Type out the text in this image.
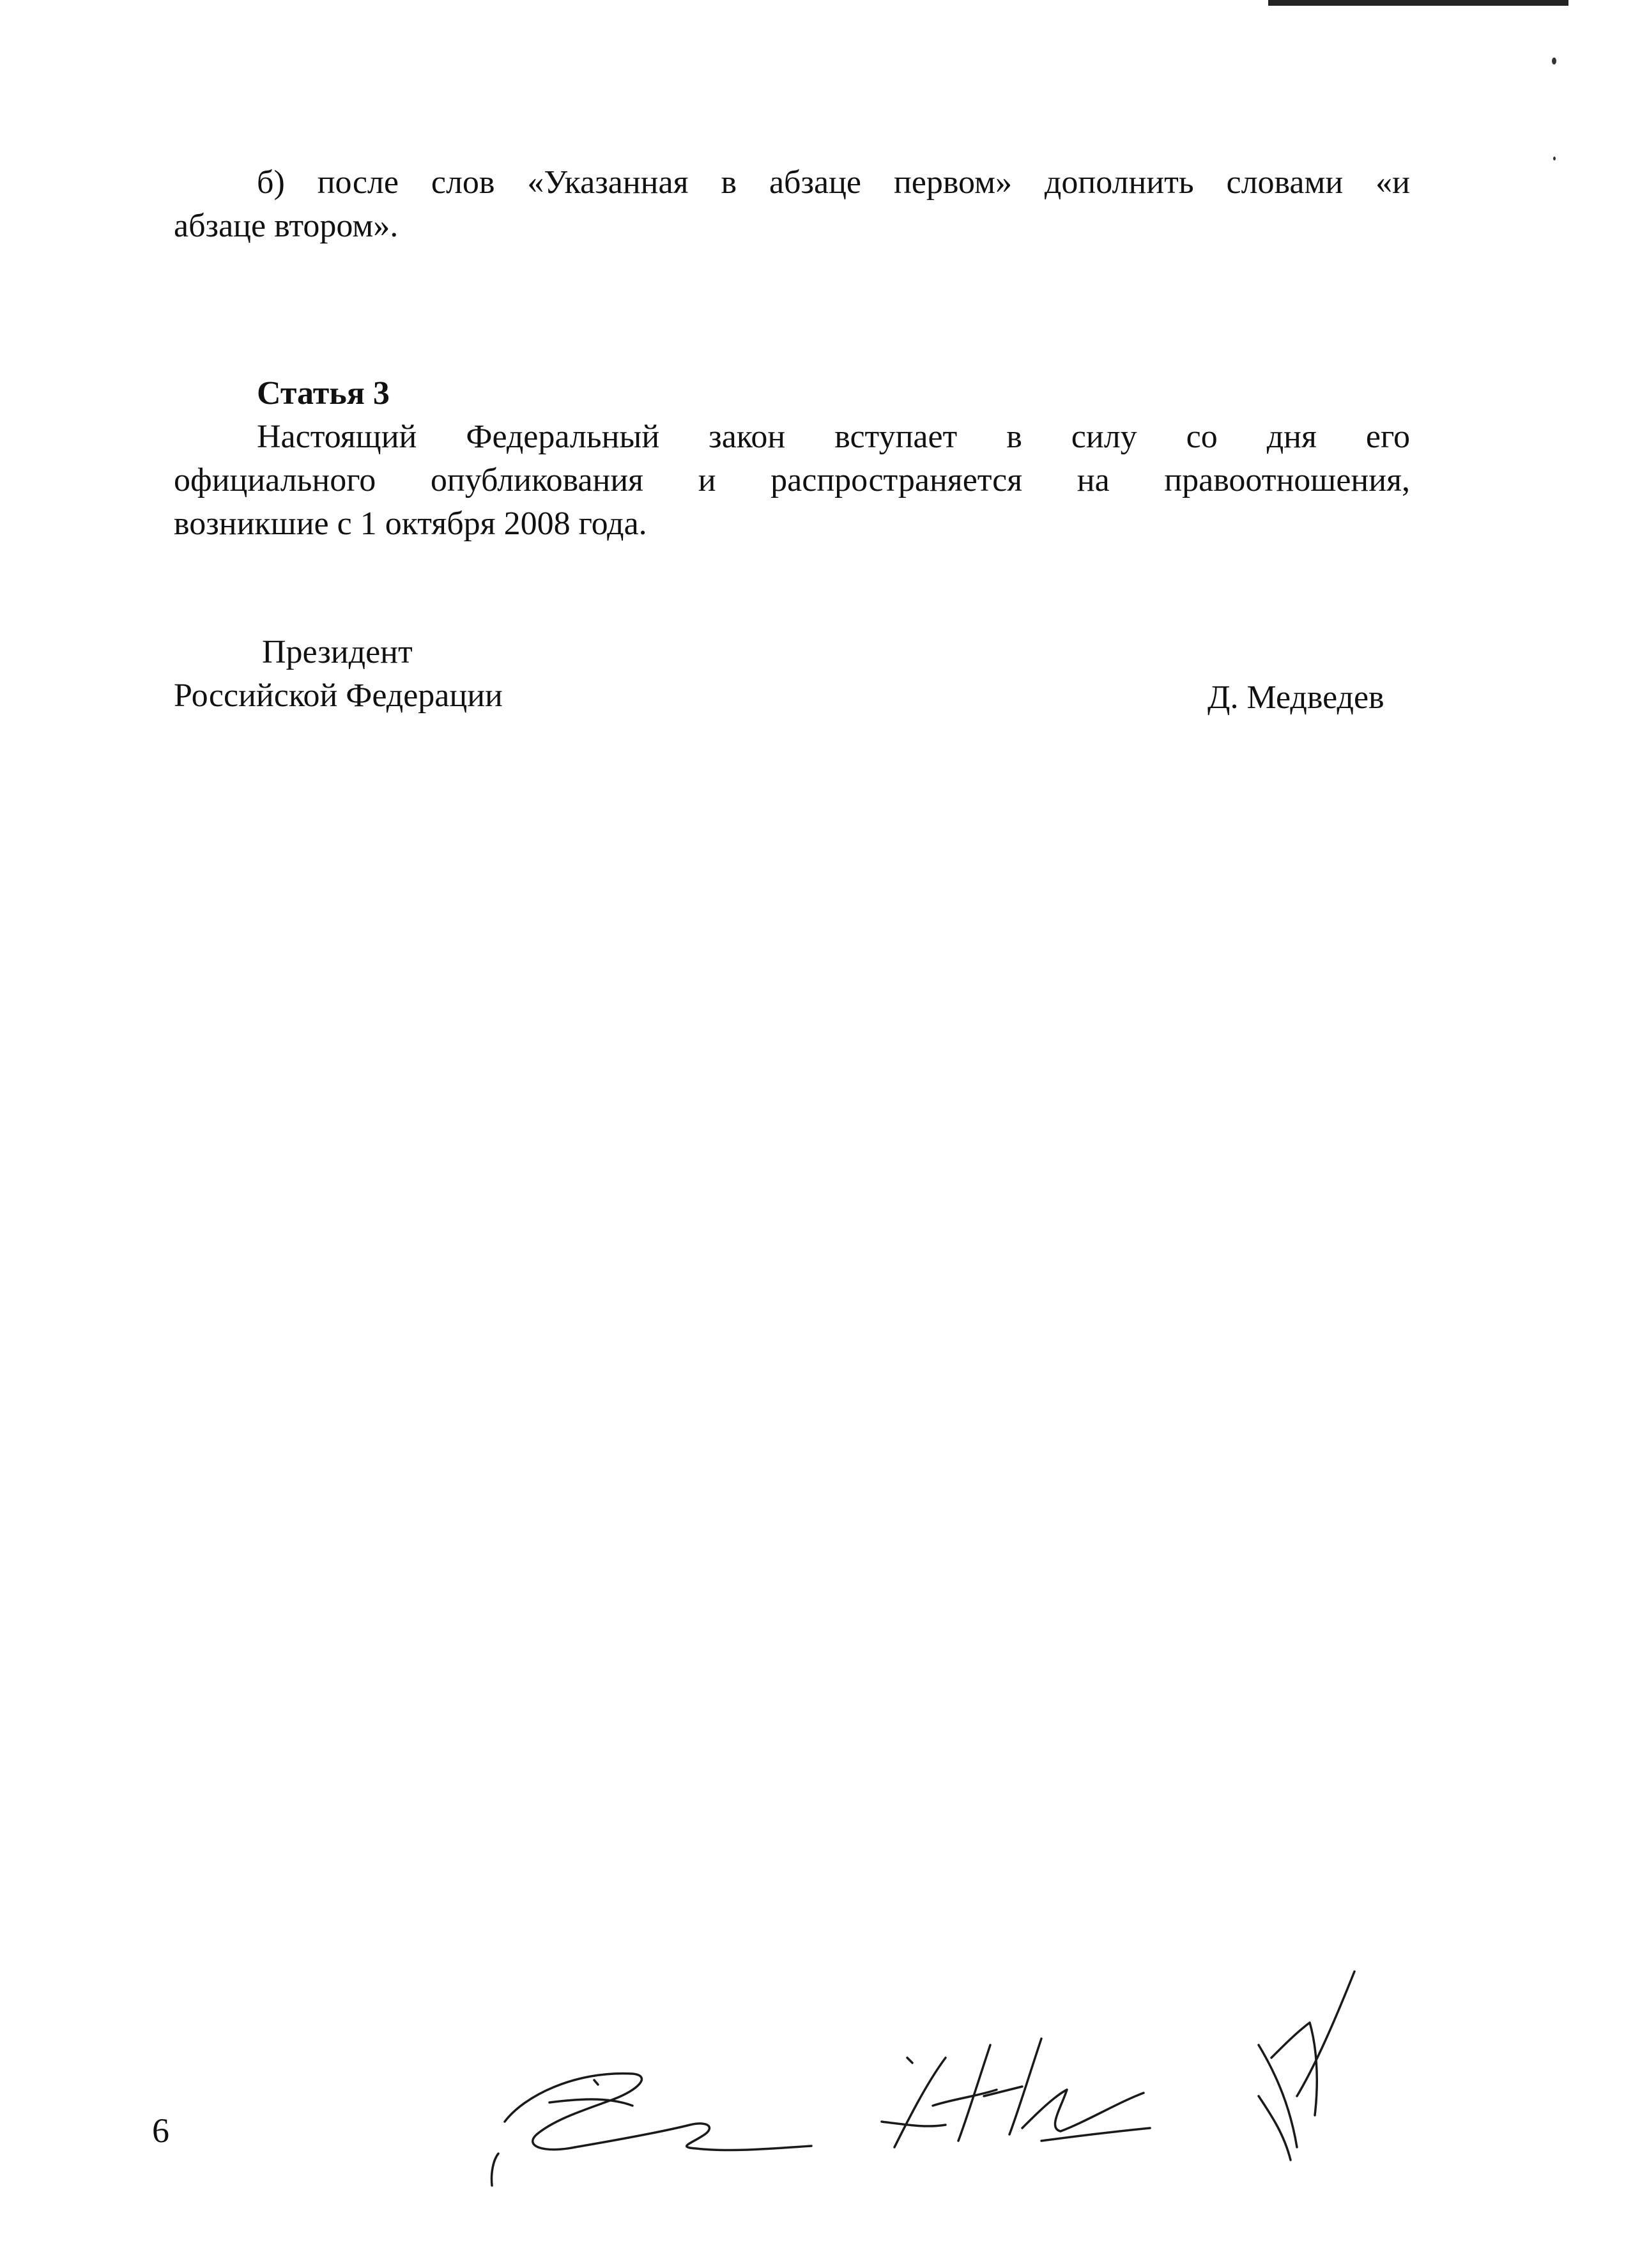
б) после слов «Указанная в абзаце первом» дополнить словами «и

абзаце втором».

Статья 3

Настоящий Федеральный закон вступает в силу со дня его

официального опубликования и распространяется на правоотношения,

возникшие с 1 октября 2008 года.

Президент

Российской Федерации	Д. Медведев

6
